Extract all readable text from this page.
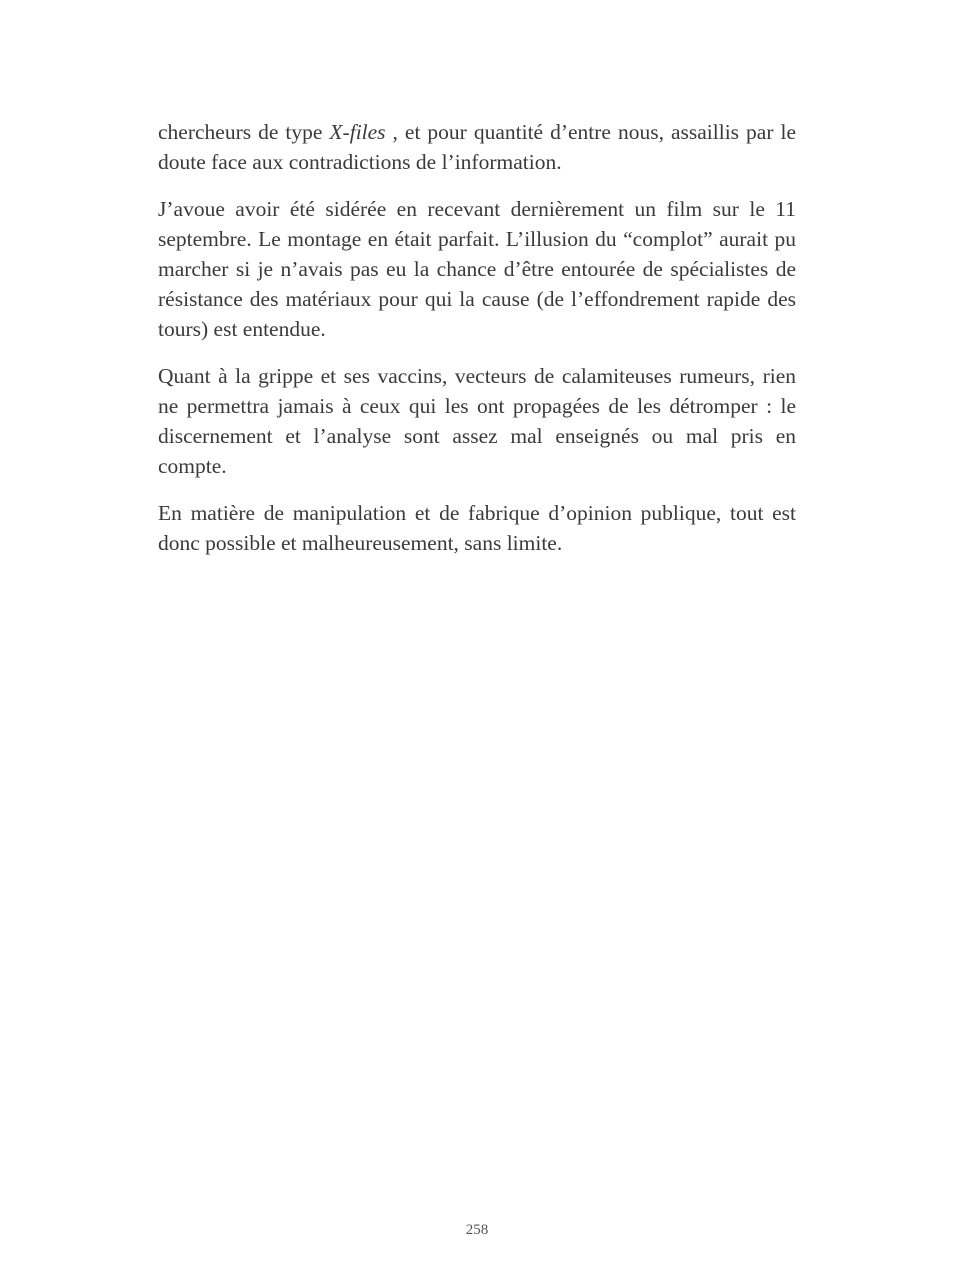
chercheurs de type X-files , et pour quantité d’entre nous, assaillis par le doute face aux contradictions de l’information.

J’avoue avoir été sidérée en recevant dernièrement un film sur le 11 septembre. Le montage en était parfait. L’illusion du “complot” aurait pu marcher si je n’avais pas eu la chance d’être entourée de spécialistes de résistance des matériaux pour qui la cause (de l’effondrement rapide des tours) est entendue.

Quant à la grippe et ses vaccins, vecteurs de calamiteuses rumeurs, rien ne permettra jamais à ceux qui les ont propagées de les détromper : le discernement et l’analyse sont assez mal enseignés ou mal pris en compte.

En matière de manipulation et de fabrique d’opinion publique, tout est donc possible et malheureusement, sans limite.

258
